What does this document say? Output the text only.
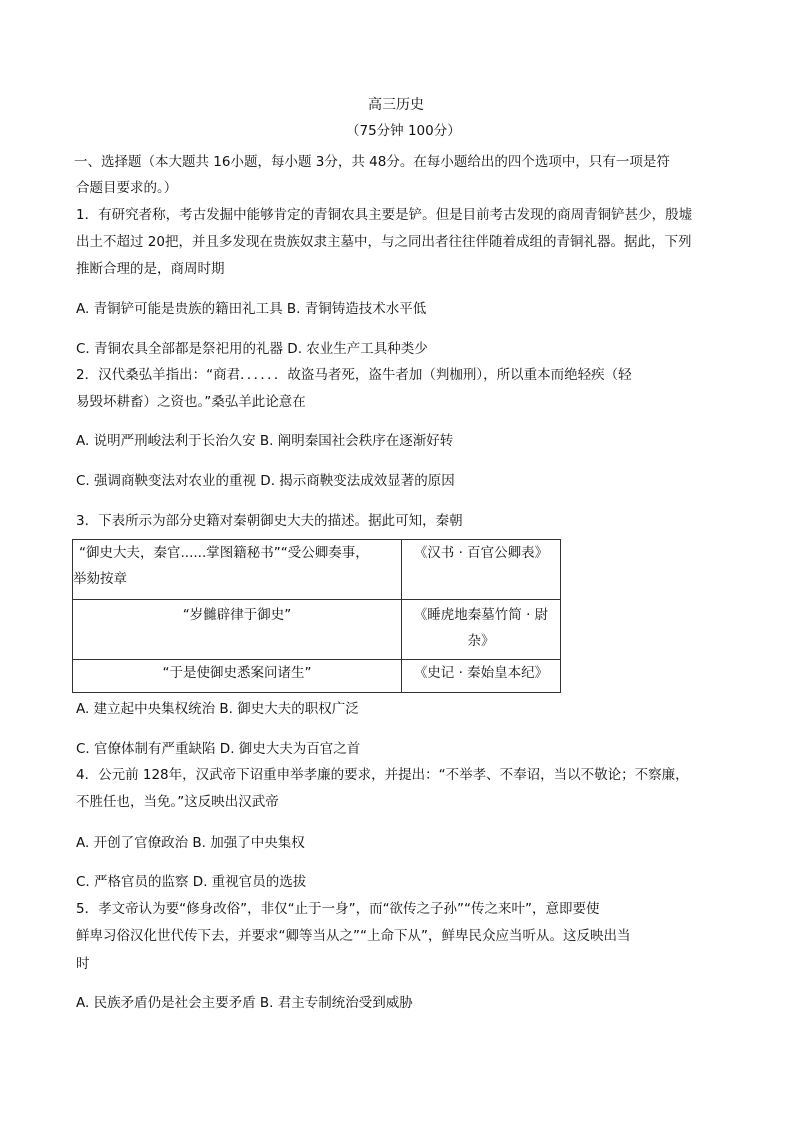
高三历史
（75分钟 100分）
一、选择题（本大题共 16小题，每小题 3分，共 48分。在每小题给出的四个选项中，只有一项是符
合题目要求的。）
1．有研究者称，考古发掘中能够肯定的青铜农具主要是铲。但是目前考古发现的商周青铜铲甚少，殷墟
出土不超过 20把，并且多发现在贵族奴隶主墓中，与之同出者往往伴随着成组的青铜礼器。据此，下列
推断合理的是，商周时期
A. 青铜铲可能是贵族的籍田礼工具 B. 青铜铸造技术水平低
C. 青铜农具全部都是祭祀用的礼器 D. 农业生产工具种类少
2．汉代桑弘羊指出：“商君．．．．．．故盗马者死，盗牛者加（判枷刑），所以重本而绝轻疾（轻
易毁坏耕畜）之资也。”桑弘羊此论意在
A. 说明严刑峻法利于长治久安 B. 阐明秦国社会秩序在逐渐好转
C. 强调商鞅变法对农业的重视 D. 揭示商鞅变法成效显著的原因
3．下表所示为部分史籍对秦朝御史大夫的描述。据此可知，秦朝
“御史大夫，秦官......掌图籍秘书”“受公卿奏事，
举劾按章	《汉书 · 百官公卿表》
“岁雠辟律于御史”	《睡虎地秦墓竹简 · 尉
杂》

“于是使御史悉案问诸生”	《史记 · 秦始皇本纪》
A. 建立起中央集权统治 B. 御史大夫的职权广泛
C. 官僚体制有严重缺陷 D. 御史大夫为百官之首
4．公元前 128年，汉武帝下诏重申举孝廉的要求，并提出：“不举孝、不奉诏，当以不敬论；不察廉，
不胜任也，当免。”这反映出汉武帝
A. 开创了官僚政治 B. 加强了中央集权
C. 严格官员的监察 D. 重视官员的选拔
5．孝文帝认为要“修身改俗”，非仅“止于一身”，而“欲传之子孙”“传之来叶”，意即要使
鲜卑习俗汉化世代传下去，并要求“卿等当从之”“上命下从”，鲜卑民众应当听从。这反映出当
时
A. 民族矛盾仍是社会主要矛盾 B. 君主专制统治受到威胁
